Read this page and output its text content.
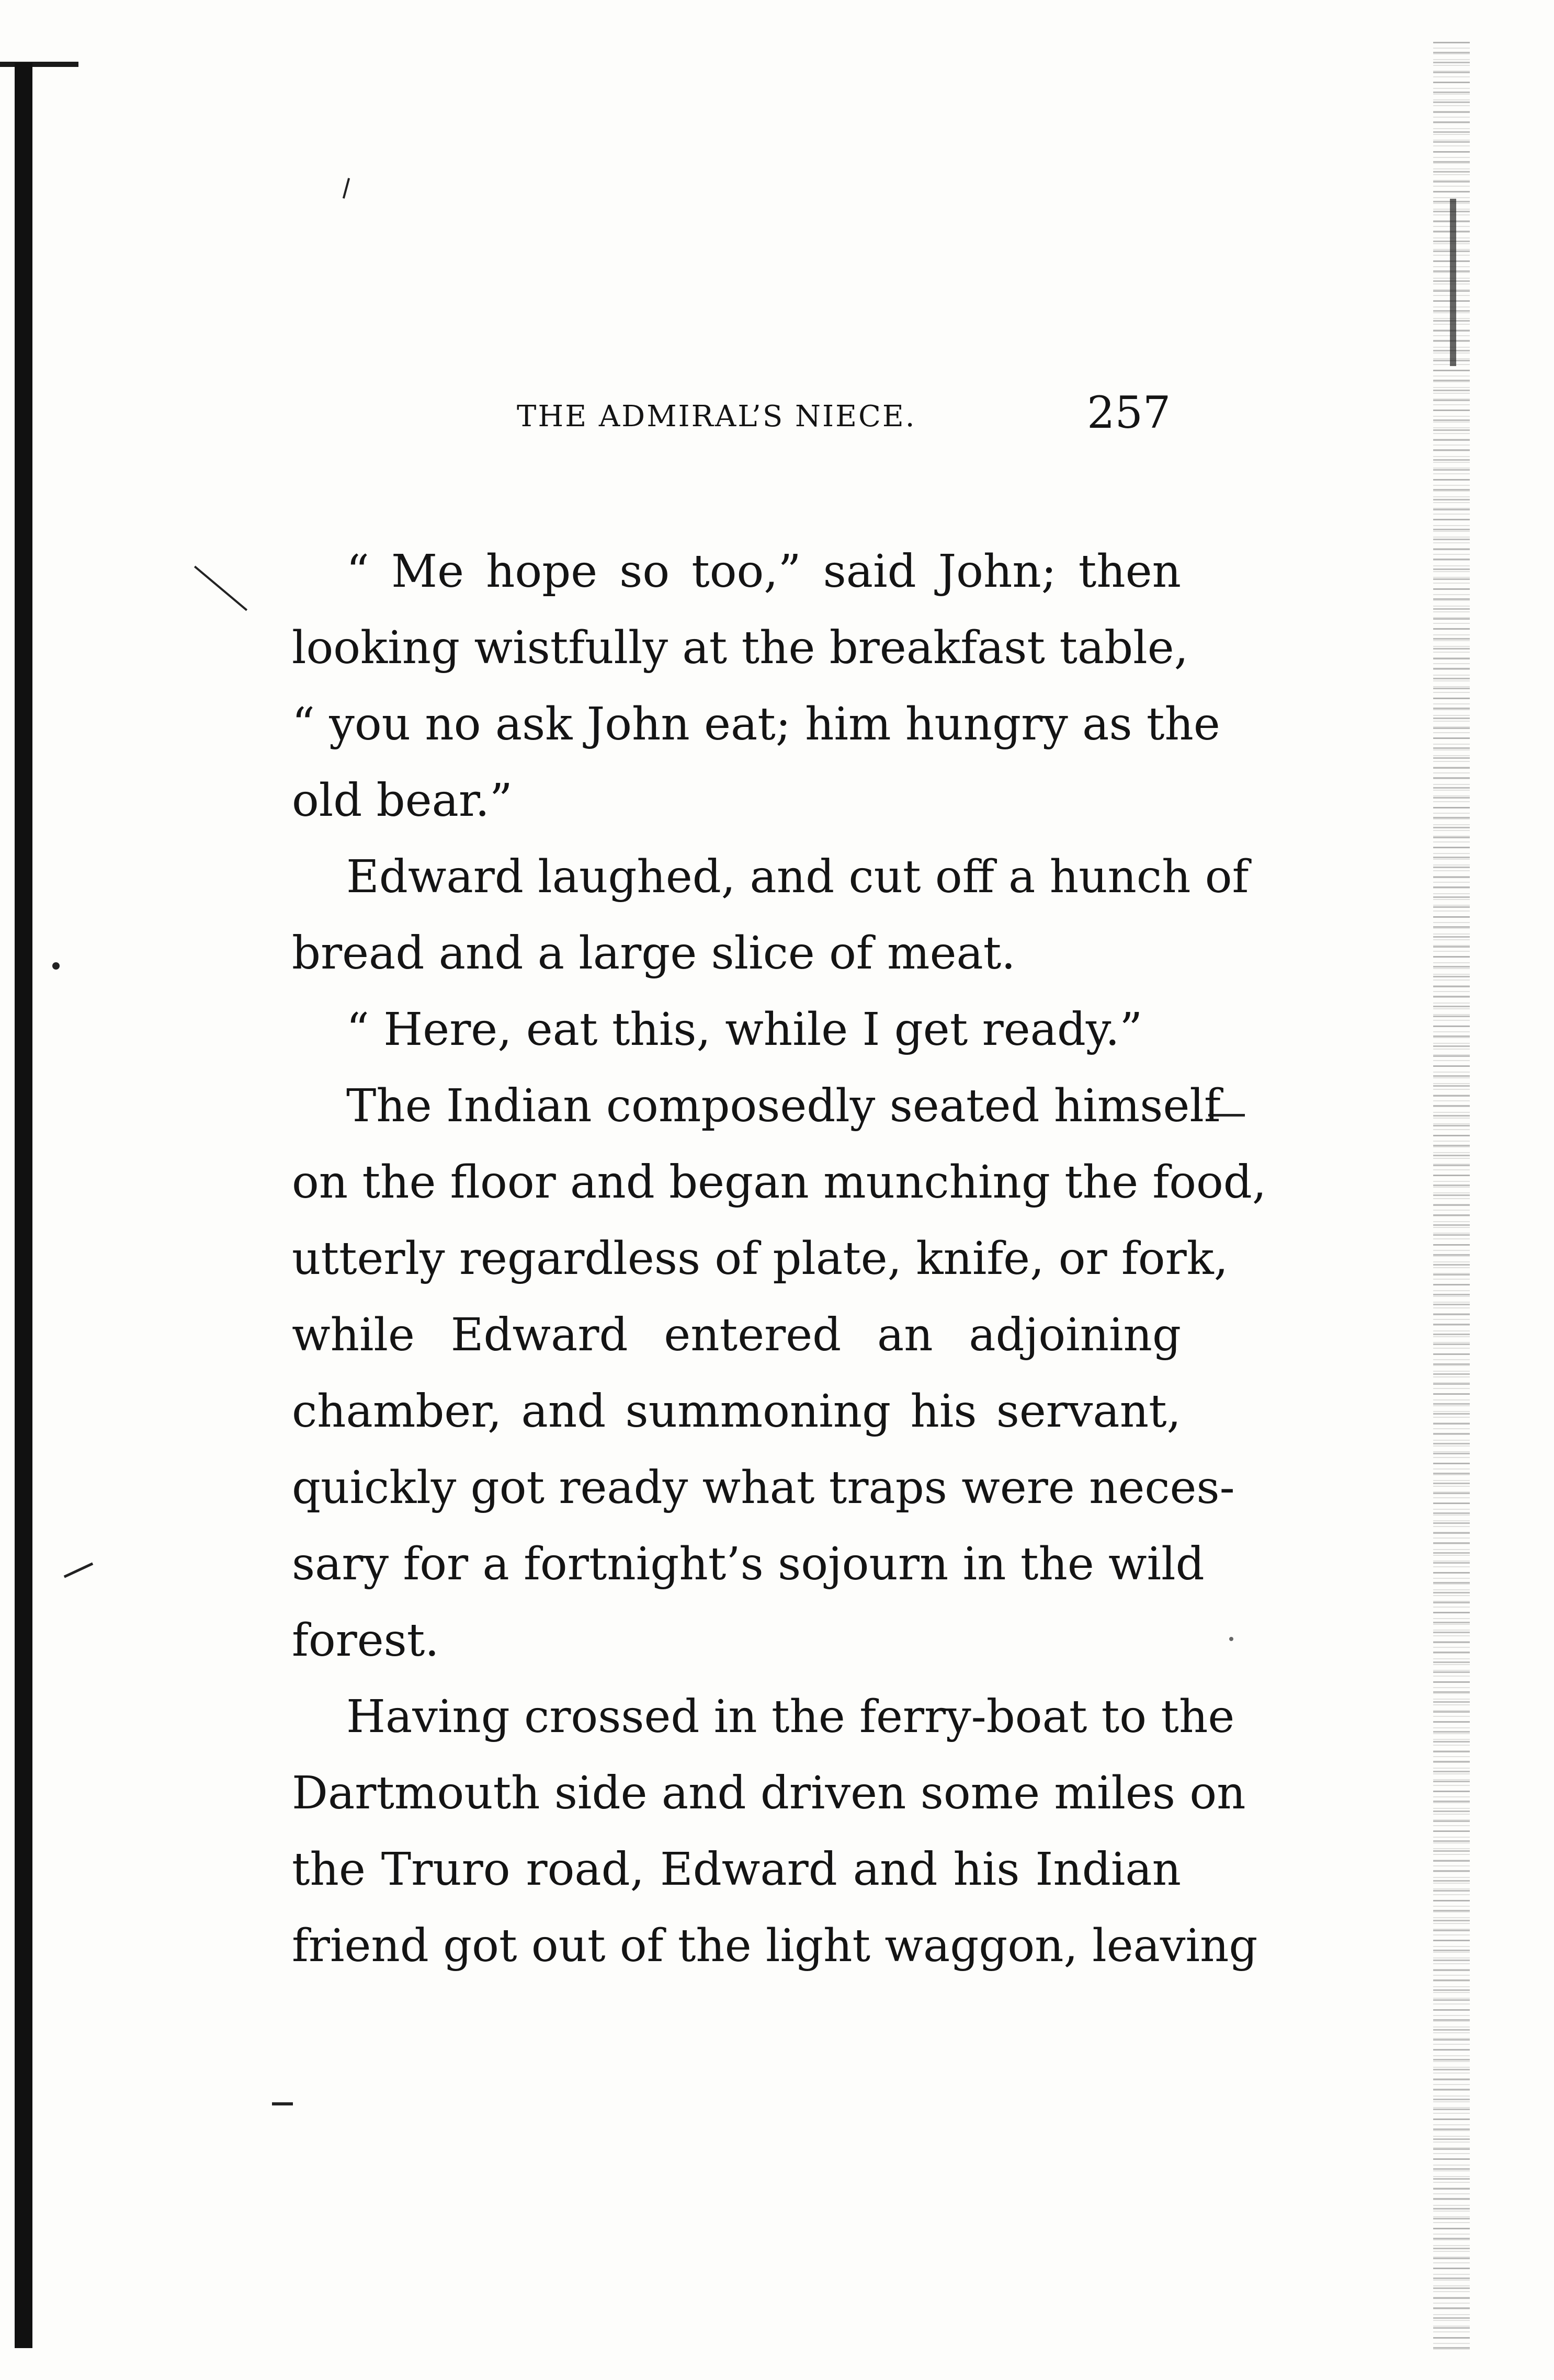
THE ADMIRAL’S NIECE.	257
“ Me hope so too,” said John; then
looking wistfully at the breakfast table,
“ you no ask John eat; him hungry as the
old bear.”
Edward laughed, and cut off a hunch of
bread and a large slice of meat.
“ Here, eat this, while I get ready.”
The Indian composedly seated himself
on the floor and began munching the food,
utterly regardless of plate, knife, or fork,
while Edward entered an adjoining
chamber, and summoning his servant,
quickly got ready what traps were neces-
sary for a fortnight’s sojourn in the wild
forest.
Having crossed in the ferry-boat to the
Dartmouth side and driven some miles on
the Truro road, Edward and his Indian
friend got out of the light waggon, leaving
